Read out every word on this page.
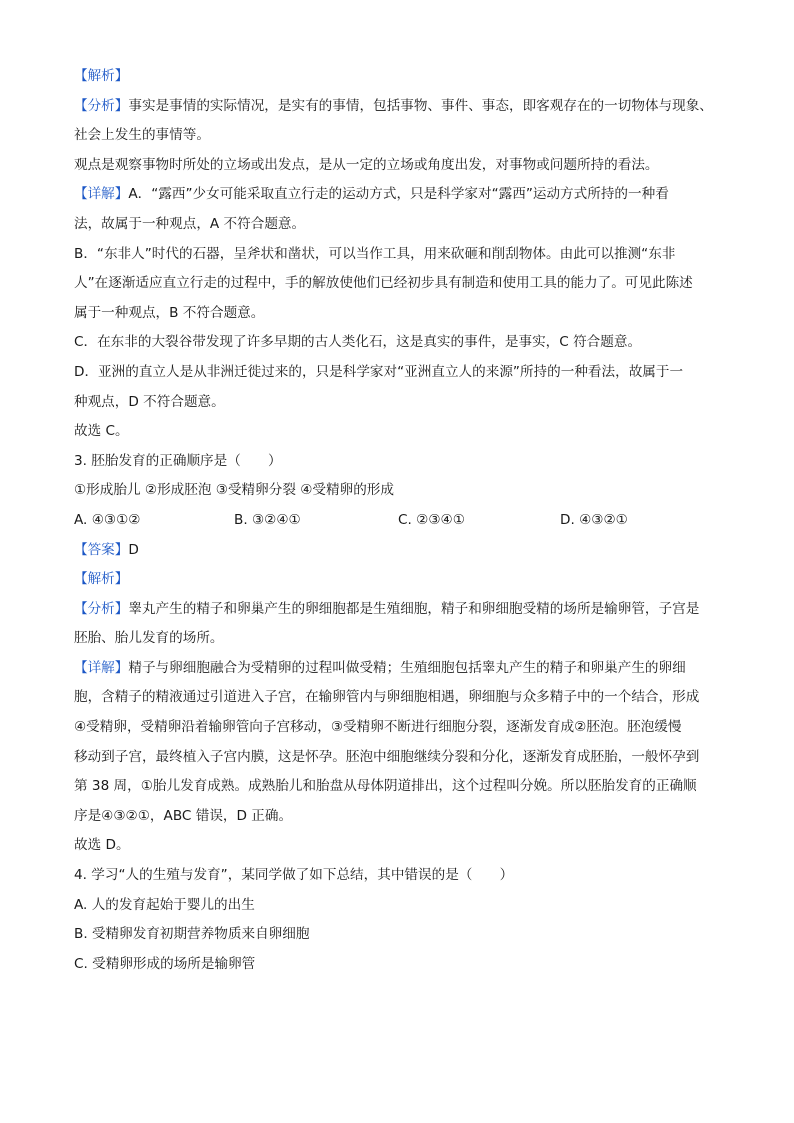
【解析】
【分析】事实是事情的实际情况，是实有的事情，包括事物、事件、事态，即客观存在的一切物体与现象、
社会上发生的事情等。
观点是观察事物时所处的立场或出发点，是从一定的立场或角度出发，对事物或问题所持的看法。
【详解】A．“露西”少女可能采取直立行走的运动方式，只是科学家对“露西”运动方式所持的一种看
法，故属于一种观点，A 不符合题意。
B．“东非人”时代的石器，呈斧状和凿状，可以当作工具，用来砍砸和削刮物体。由此可以推测“东非
人”在逐渐适应直立行走的过程中，手的解放使他们已经初步具有制造和使用工具的能力了。可见此陈述
属于一种观点，B 不符合题意。
C．在东非的大裂谷带发现了许多早期的古人类化石，这是真实的事件，是事实，C 符合题意。
D．亚洲的直立人是从非洲迁徙过来的，只是科学家对“亚洲直立人的来源”所持的一种看法，故属于一
种观点，D 不符合题意。
故选 C。
3. 胚胎发育的正确顺序是（　　）
①形成胎儿 ②形成胚泡 ③受精卵分裂 ④受精卵的形成
A. ④③①②	B. ③②④①	C. ②③④①	D. ④③②①
【答案】D
【解析】
【分析】睾丸产生的精子和卵巢产生的卵细胞都是生殖细胞，精子和卵细胞受精的场所是输卵管，子宫是
胚胎、胎儿发育的场所。
【详解】精子与卵细胞融合为受精卵的过程叫做受精；生殖细胞包括睾丸产生的精子和卵巢产生的卵细
胞，含精子的精液通过引道进入子宫，在输卵管内与卵细胞相遇，卵细胞与众多精子中的一个结合，形成
④受精卵，受精卵沿着输卵管向子宫移动，③受精卵不断进行细胞分裂，逐渐发育成②胚泡。胚泡缓慢
移动到子宫，最终植入子宫内膜，这是怀孕。胚泡中细胞继续分裂和分化，逐渐发育成胚胎，一般怀孕到
第 38 周，①胎儿发育成熟。成熟胎儿和胎盘从母体阴道排出，这个过程叫分娩。所以胚胎发育的正确顺
序是④③②①，ABC 错误，D 正确。
故选 D。
4. 学习“人的生殖与发育”，某同学做了如下总结，其中错误的是（　　）
A. 人的发育起始于婴儿的出生
B. 受精卵发育初期营养物质来自卵细胞
C. 受精卵形成的场所是输卵管
